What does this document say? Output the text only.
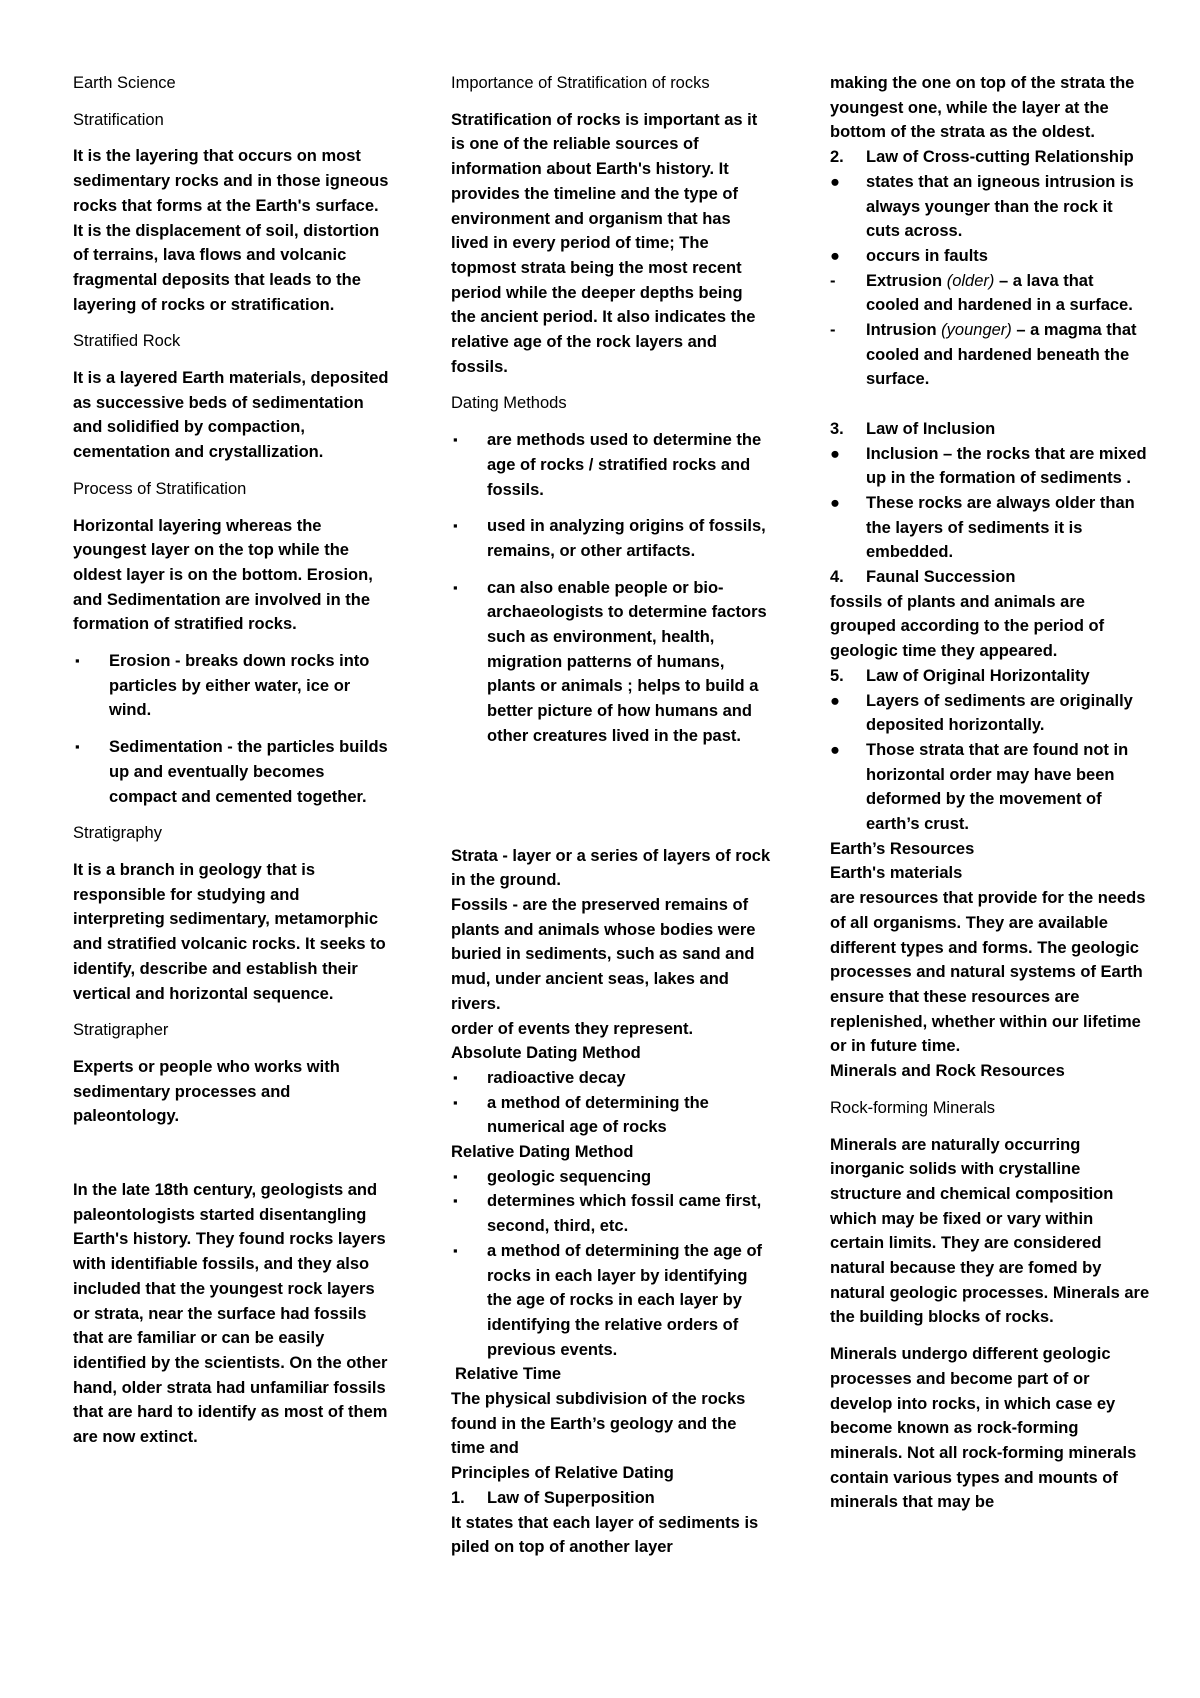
Earth Science

Stratification

It is the layering that occurs on most sedimentary rocks and in those igneous rocks that forms at the Earth's surface. It is the displacement of soil, distortion of terrains, lava flows and volcanic fragmental deposits that leads to the layering of rocks or stratification.

Stratified Rock

It is a layered Earth materials, deposited as successive beds of sedimentation and solidified by compaction, cementation and crystallization.

Process of Stratification

Horizontal layering whereas the youngest layer on the top while the oldest layer is on the bottom. Erosion, and Sedimentation are involved in the formation of stratified rocks.

▪ Erosion - breaks down rocks into particles by either water, ice or wind.
▪ Sedimentation - the particles builds up and eventually becomes compact and cemented together.

Stratigraphy

It is a branch in geology that is responsible for studying and interpreting sedimentary, metamorphic and stratified volcanic rocks. It seeks to identify, describe and establish their vertical and horizontal sequence.

Stratigrapher

Experts or people who works with sedimentary processes and paleontology.

In the late 18th century, geologists and paleontologists started disentangling Earth's history. They found rocks layers with identifiable fossils, and they also included that the youngest rock layers or strata, near the surface had fossils that are familiar or can be easily identified by the scientists. On the other hand, older strata had unfamiliar fossils that are hard to identify as most of them are now extinct.

Importance of Stratification of rocks

Stratification of rocks is important as it is one of the reliable sources of information about Earth's history. It provides the timeline and the type of environment and organism that has lived in every period of time; The topmost strata being the most recent period while the deeper depths being the ancient period. It also indicates the relative age of the rock layers and fossils.

Dating Methods

▪ are methods used to determine the age of rocks / stratified rocks and fossils.
▪ used in analyzing origins of fossils, remains, or other artifacts.
▪ can also enable people or bio-archaeologists to determine factors such as environment, health, migration patterns of humans, plants or animals ; helps to build a better picture of how humans and other creatures lived in the past.

Strata - layer or a series of layers of rock in the ground.

Fossils - are the preserved remains of plants and animals whose bodies were buried in sediments, such as sand and mud, under ancient seas, lakes and rivers.

order of events they represent.

Absolute Dating Method

▪ radioactive decay
▪ a method of determining the numerical age of rocks

Relative Dating Method

▪ geologic sequencing
▪ determines which fossil came first, second, third, etc.
▪ a method of determining the age of rocks in each layer by identifying the age of rocks in each layer by identifying the relative orders of previous events.

Relative Time

The physical subdivision of the rocks found in the Earth’s geology and the time and

Principles of Relative Dating

1. Law of Superposition

It states that each layer of sediments is piled on top of another layer

making the one on top of the strata the youngest one, while the layer at the bottom of the strata as the oldest.

2. Law of Cross-cutting Relationship
● states that an igneous intrusion is always younger than the rock it cuts across.
● occurs in faults
- Extrusion (older) – a lava that cooled and hardened in a surface.
- Intrusion (younger) – a magma that cooled and hardened beneath the surface.
3. Law of Inclusion
● Inclusion – the rocks that are mixed up in the formation of sediments .
● These rocks are always older than the layers of sediments it is embedded.
4. Faunal Succession

fossils of plants and animals are grouped according to the period of geologic time they appeared.

5. Law of Original Horizontality
● Layers of sediments are originally deposited horizontally.
● Those strata that are found not in horizontal order may have been deformed by the movement of earth’s crust.

Earth’s Resources

Earth's materials

are resources that provide for the needs of all organisms. They are available different types and forms. The geologic processes and natural systems of Earth ensure that these resources are replenished, whether within our lifetime or in future time.

Minerals and Rock Resources

Rock-forming Minerals

Minerals are naturally occurring inorganic solids with crystalline structure and chemical composition which may be fixed or vary within certain limits. They are considered natural because they are fomed by natural geologic processes. Minerals are the building blocks of rocks.

Minerals undergo different geologic processes and become part of or develop into rocks, in which case ey become known as rock-forming minerals. Not all rock-forming minerals contain various types and mounts of minerals that may be
